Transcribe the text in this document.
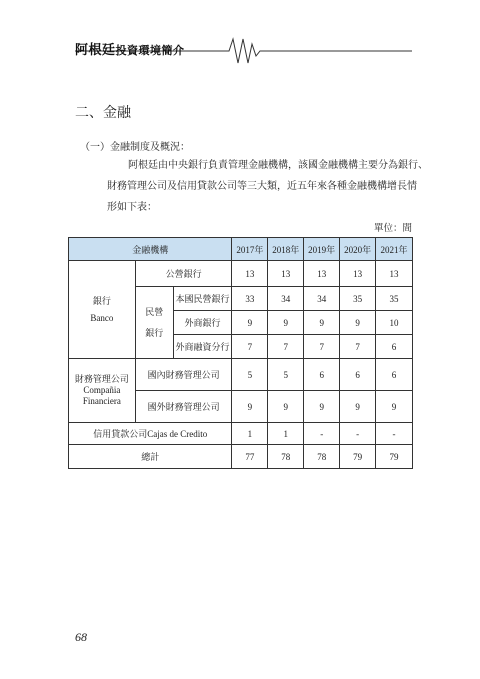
阿根廷投資環境簡介
二、金融
（一）金融制度及概況：
阿根廷由中央銀行負責管理金融機構，該國金融機構主要分為銀行、
財務管理公司及信用貸款公司等三大類，近五年來各種金融機構增長情
形如下表：
單位：間
金融機構			2017年	2018年	2019年	2020年	2021年

銀行
Banco	公營銀行		13	13	13	13	13

	民營
銀行	本國民營銀行	33	34	34	35	35
		外商銀行	9	9	9	9	10
		外商融資分行	7	7	7	7	6

財務管理公司
Compañia
Financiera	國內財務管理公司		5	5	6	6	6
	國外財務管理公司		9	9	9	9	9
信用貸款公司Cajas de Credito			1	1	-	-	-
總計			77	78	78	79	79
68
